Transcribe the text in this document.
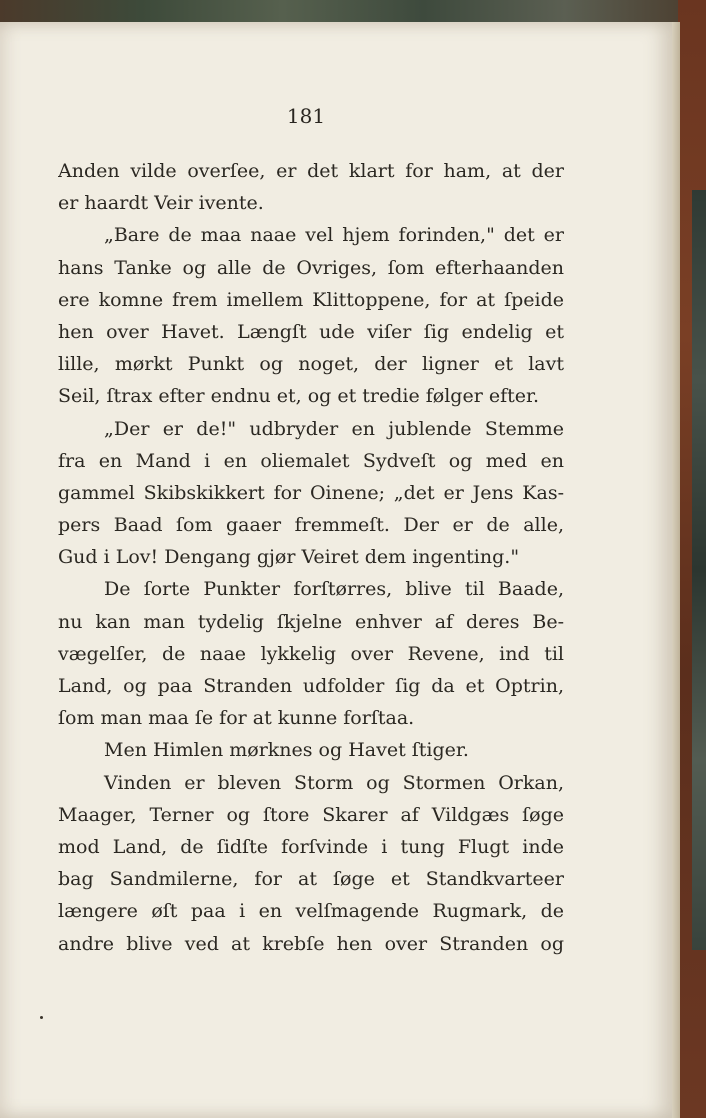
181
Anden vilde overſee, er det klart for ham, at der
er haardt Veir ivente.
„Bare de maa naae vel hjem forinden," det er
hans Tanke og alle de Ovriges, ſom efterhaanden
ere komne frem imellem Klittoppene, for at ſpeide
hen over Havet. Længſt ude viſer ſig endelig et
lille, mørkt Punkt og noget, der ligner et lavt
Seil, ſtrax efter endnu et, og et tredie følger efter.
„Der er de!" udbryder en jublende Stemme
fra en Mand i en oliemalet Sydveſt og med en
gammel Skibskikkert for Oinene; „det er Jens Kas-
pers Baad ſom gaaer fremmeſt. Der er de alle,
Gud i Lov! Dengang gjør Veiret dem ingenting."
De ſorte Punkter forſtørres, blive til Baade,
nu kan man tydelig ſkjelne enhver af deres Be-
vægelſer, de naae lykkelig over Revene, ind til
Land, og paa Stranden udfolder ſig da et Optrin,
ſom man maa ſe for at kunne forſtaa.
Men Himlen mørknes og Havet ſtiger.
Vinden er bleven Storm og Stormen Orkan,
Maager, Terner og ſtore Skarer af Vildgæs ſøge
mod Land, de ſidſte forſvinde i tung Flugt inde
bag Sandmilerne, for at ſøge et Standkvarteer
længere øſt paa i en velſmagende Rugmark, de
andre blive ved at krebſe hen over Stranden og
